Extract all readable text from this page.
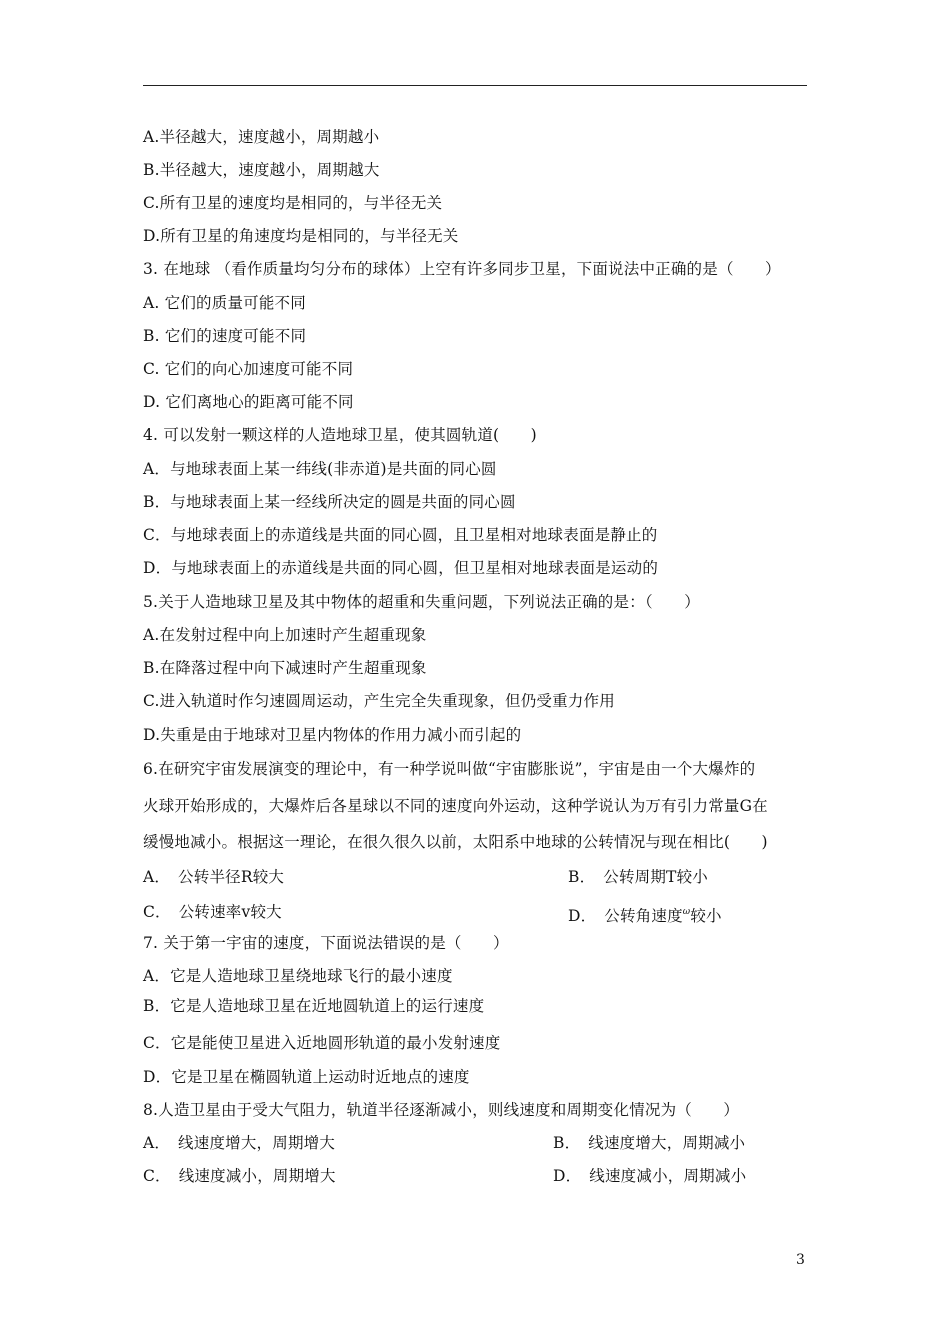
A.半径越大，速度越小，周期越小
B.半径越大，速度越小，周期越大
C.所有卫星的速度均是相同的，与半径无关
D.所有卫星的角速度均是相同的，与半径无关
3. 在地球 （看作质量均匀分布的球体）上空有许多同步卫星，下面说法中正确的是（　　）
A. 它们的质量可能不同
B. 它们的速度可能不同
C. 它们的向心加速度可能不同
D. 它们离地心的距离可能不同
4. 可以发射一颗这样的人造地球卫星，使其圆轨道(　　)
A．与地球表面上某一纬线(非赤道)是共面的同心圆
B．与地球表面上某一经线所决定的圆是共面的同心圆
C．与地球表面上的赤道线是共面的同心圆，且卫星相对地球表面是静止的
D．与地球表面上的赤道线是共面的同心圆，但卫星相对地球表面是运动的
5.关于人造地球卫星及其中物体的超重和失重问题，下列说法正确的是：（　　）
A.在发射过程中向上加速时产生超重现象
B.在降落过程中向下减速时产生超重现象
C.进入轨道时作匀速圆周运动，产生完全失重现象，但仍受重力作用
D.失重是由于地球对卫星内物体的作用力减小而引起的
6.在研究宇宙发展演变的理论中，有一种学说叫做“宇宙膨胀说”，宇宙是由一个大爆炸的
火球开始形成的，大爆炸后各星球以不同的速度向外运动，这种学说认为万有引力常量G在
缓慢地减小。根据这一理论，在很久很久以前，太阳系中地球的公转情况与现在相比(　　)
A．　公转半径R较大	B．　公转周期T较小
C．　公转速率v较大	D．　公转角速度$^\omega$较小
7. 关于第一宇宙的速度，下面说法错误的是（　　）
A．它是人造地球卫星绕地球飞行的最小速度
B．它是人造地球卫星在近地圆轨道上的运行速度
C．它是能使卫星进入近地圆形轨道的最小发射速度
D．它是卫星在椭圆轨道上运动时近地点的速度
8.人造卫星由于受大气阻力，轨道半径逐渐减小，则线速度和周期变化情况为（　　）
A．　线速度增大，周期增大	B．　线速度增大，周期减小
C．　线速度减小，周期增大	D．　线速度减小，周期减小
3
